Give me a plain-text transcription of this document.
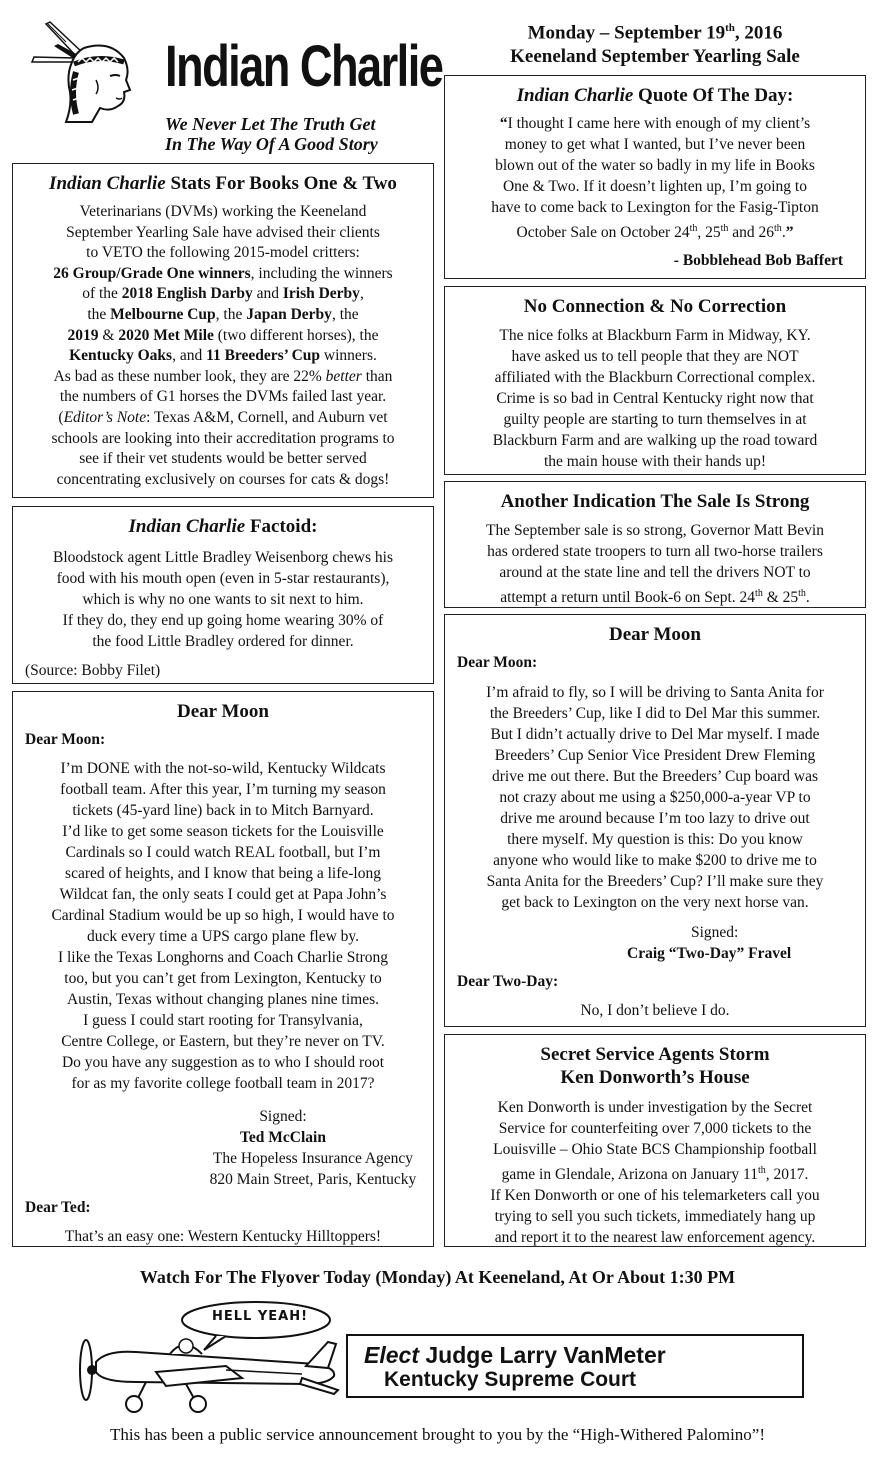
Indian Charlie
We Never Let The Truth Get
In The Way Of A Good Story
Monday – September 19th, 2016
Keeneland September Yearling Sale
Indian Charlie Stats For Books One & Two
Veterinarians (DVMs) working the Keeneland
September Yearling Sale have advised their clients
to VETO the following 2015-model critters:
26 Group/Grade One winners, including the winners
of the 2018 English Darby and Irish Derby,
the Melbourne Cup, the Japan Derby, the
2019 & 2020 Met Mile (two different horses), the
Kentucky Oaks, and 11 Breeders’ Cup winners.
As bad as these number look, they are 22% better than
the numbers of G1 horses the DVMs failed last year.
(Editor’s Note: Texas A&M, Cornell, and Auburn vet
schools are looking into their accreditation programs to
see if their vet students would be better served
concentrating exclusively on courses for cats & dogs!
Indian Charlie Factoid:
Bloodstock agent Little Bradley Weisenborg chews his
food with his mouth open (even in 5-star restaurants),
which is why no one wants to sit next to him.
If they do, they end up going home wearing 30% of
the food Little Bradley ordered for dinner.
(Source: Bobby Filet)
Dear Moon
Dear Moon:
I’m DONE with the not-so-wild, Kentucky Wildcats
football team. After this year, I’m turning my season
tickets (45-yard line) back in to Mitch Barnyard.
I’d like to get some season tickets for the Louisville
Cardinals so I could watch REAL football, but I’m
scared of heights, and I know that being a life-long
Wildcat fan, the only seats I could get at Papa John’s
Cardinal Stadium would be up so high, I would have to
duck every time a UPS cargo plane flew by.
I like the Texas Longhorns and Coach Charlie Strong
too, but you can’t get from Lexington, Kentucky to
Austin, Texas without changing planes nine times.
I guess I could start rooting for Transylvania,
Centre College, or Eastern, but they’re never on TV.
Do you have any suggestion as to who I should root
for as my favorite college football team in 2017?
Signed:
Ted McClain
The Hopeless Insurance Agency
820 Main Street, Paris, Kentucky
Dear Ted:
That’s an easy one: Western Kentucky Hilltoppers!
Indian Charlie Quote Of The Day:
“I thought I came here with enough of my client’s
money to get what I wanted, but I’ve never been
blown out of the water so badly in my life in Books
One & Two. If it doesn’t lighten up, I’m going to
have to come back to Lexington for the Fasig-Tipton
October Sale on October 24th, 25th and 26th.”
- Bobblehead Bob Baffert
No Connection & No Correction
The nice folks at Blackburn Farm in Midway, KY.
have asked us to tell people that they are NOT
affiliated with the Blackburn Correctional complex.
Crime is so bad in Central Kentucky right now that
guilty people are starting to turn themselves in at
Blackburn Farm and are walking up the road toward
the main house with their hands up!
Another Indication The Sale Is Strong
The September sale is so strong, Governor Matt Bevin
has ordered state troopers to turn all two-horse trailers
around at the state line and tell the drivers NOT to
attempt a return until Book-6 on Sept. 24th & 25th.
Dear Moon
Dear Moon:
I’m afraid to fly, so I will be driving to Santa Anita for
the Breeders’ Cup, like I did to Del Mar this summer.
But I didn’t actually drive to Del Mar myself. I made
Breeders’ Cup Senior Vice President Drew Fleming
drive me out there. But the Breeders’ Cup board was
not crazy about me using a $250,000-a-year VP to
drive me around because I’m too lazy to drive out
there myself. My question is this: Do you know
anyone who would like to make $200 to drive me to
Santa Anita for the Breeders’ Cup? I’ll make sure they
get back to Lexington on the very next horse van.
Signed:
Craig “Two-Day” Fravel
Dear Two-Day:
No, I don’t believe I do.
Secret Service Agents Storm
Ken Donworth’s House
Ken Donworth is under investigation by the Secret
Service for counterfeiting over 7,000 tickets to the
Louisville – Ohio State BCS Championship football
game in Glendale, Arizona on January 11th, 2017.
If Ken Donworth or one of his telemarketers call you
trying to sell you such tickets, immediately hang up
and report it to the nearest law enforcement agency.
Watch For The Flyover Today (Monday) At Keeneland, At Or About 1:30 PM
HELL YEAH!
Elect Judge Larry VanMeter
Kentucky Supreme Court
This has been a public service announcement brought to you by the “High-Withered Palomino”!
